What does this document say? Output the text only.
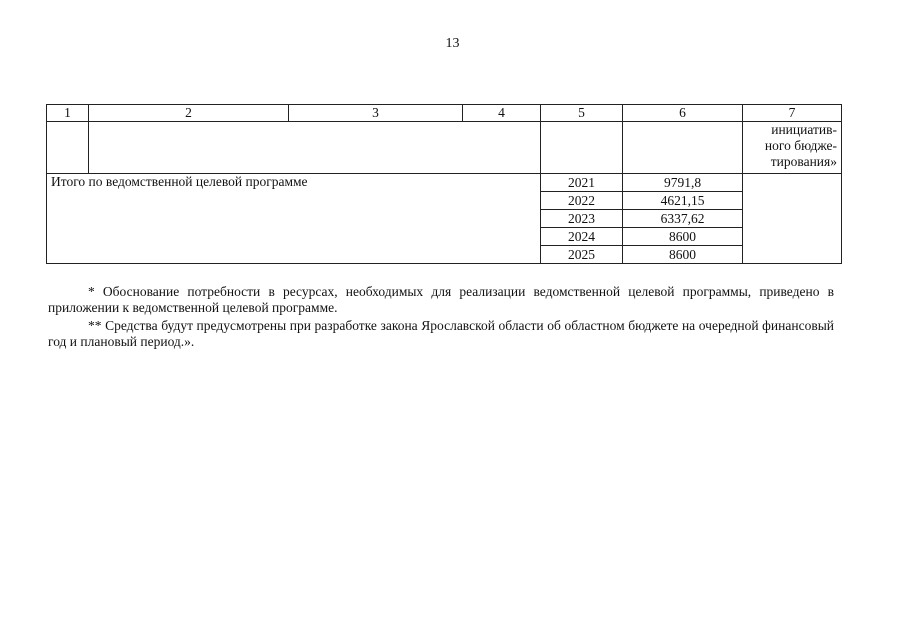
13
1	2	3	4	5	6	7

						инициатив-
ного бюдже-
тирования»

Итого по ведомственной целевой программе				2021	9791,8	
				2022	4621,15	
				2023	6337,62	
				2024	8600	
				2025	8600	

* Обоснование потребности в ресурсах, необходимых для реализации ведомственной целевой программы, приведено в приложении к ведомственной целевой программе.

** Средства будут предусмотрены при разработке закона Ярославской области об областном бюджете на очередной финансовый год и плановый период.».
